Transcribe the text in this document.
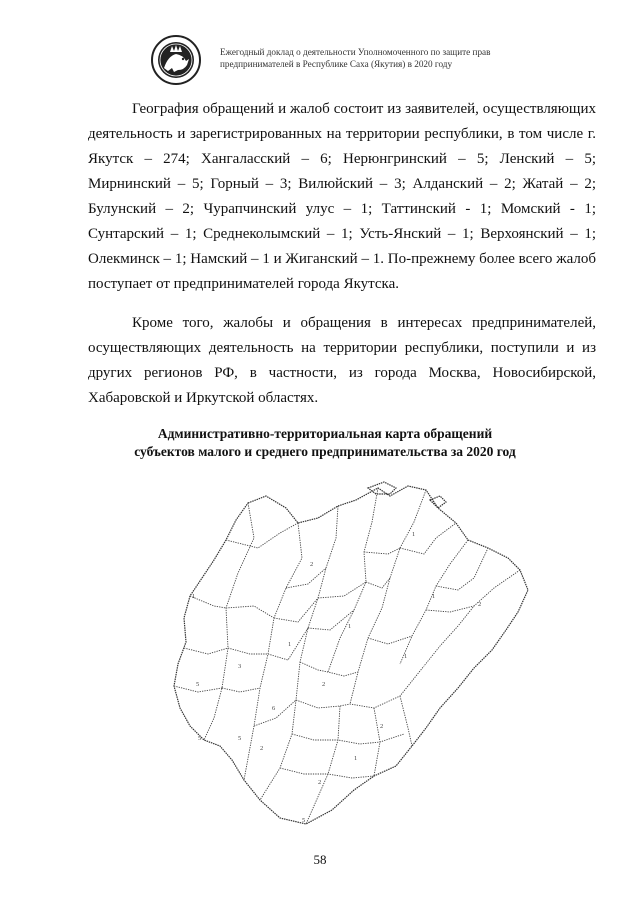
Ежегодный доклад о деятельности Уполномоченного по защите прав
предпринимателей в Республике Саха (Якутия) в 2020 году
География обращений и жалоб состоит из заявителей, осуществляющих деятельность и зарегистрированных на территории республики, в том числе г. Якутск – 274; Хангаласский – 6; Нерюнгринский – 5; Ленский – 5; Мирнинский – 5; Горный – 3; Вилюйский – 3; Алданский – 2; Жатай – 2; Булунский – 2; Чурапчинский улус – 1; Таттинский - 1; Момский - 1; Сунтарский – 1; Среднеколымский – 1; Усть-Янский – 1; Верхоянский – 1; Олекминск – 1; Намский – 1 и Жиганский – 1. По-прежнему более всего жалоб поступает от предпринимателей города Якутска.
Кроме того, жалобы и обращения в интересах предпринимателей, осуществляющих деятельность на территории республики, поступили и из других регионов РФ, в частности, из города Москва, Новосибирской, Хабаровской и Иркутской областях.
Административно-территориальная карта обращений
субъектов малого и среднего предпринимательства за 2020 год
1
2
1
1
2
1
1
5
1
2
3
5	5
2
2
2
6
5
1
58
